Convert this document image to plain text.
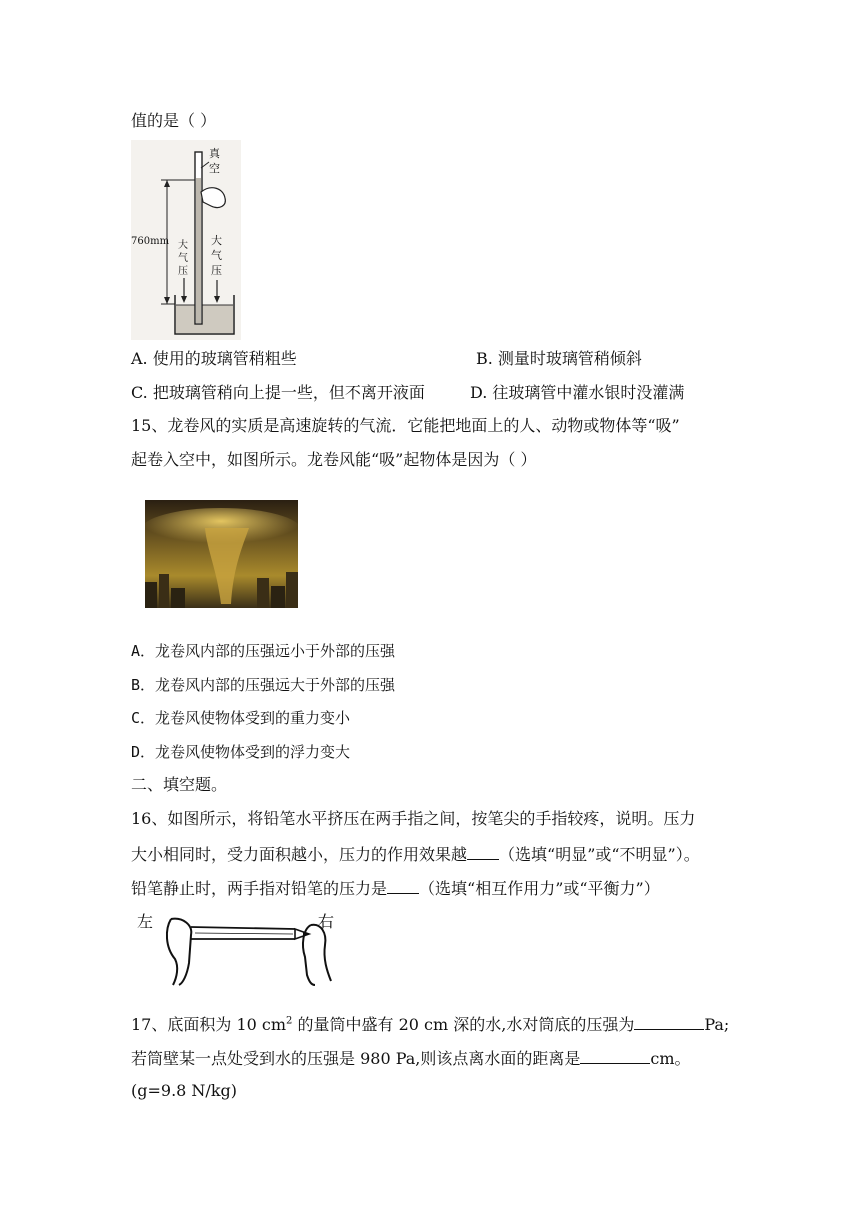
值的是（ ）
真
空
760mm 大
气
压
大
气
压
A. 使用的玻璃管稍粗些	B. 测量时玻璃管稍倾斜
C. 把玻璃管稍向上提一些，但不离开液面	D. 往玻璃管中灌水银时没灌满
15、龙卷风的实质是高速旋转的气流．它能把地面上的人、动物或物体等“吸”
起卷入空中，如图所示。龙卷风能“吸”起物体是因为（ ）
A．龙卷风内部的压强远小于外部的压强
B．龙卷风内部的压强远大于外部的压强
C．龙卷风使物体受到的重力变小
D．龙卷风使物体受到的浮力变大
二、填空题。
16、如图所示，将铅笔水平挤压在两手指之间，按笔尖的手指较疼，说明。压力
大小相同时，受力面积越小，压力的作用效果越 （选填“明显”或“不明显”）。
铅笔静止时，两手指对铅笔的压力是 （选填“相互作用力”或“平衡力”）
左	右
17、底面积为 10 $cm^2$ 的量筒中盛有 20 cm 深的水,水对筒底的压强为	Pa;
若筒壁某一点处受到水的压强是 980 Pa,则该点离水面的距离是	cm。
(g=9.8 N/kg)
